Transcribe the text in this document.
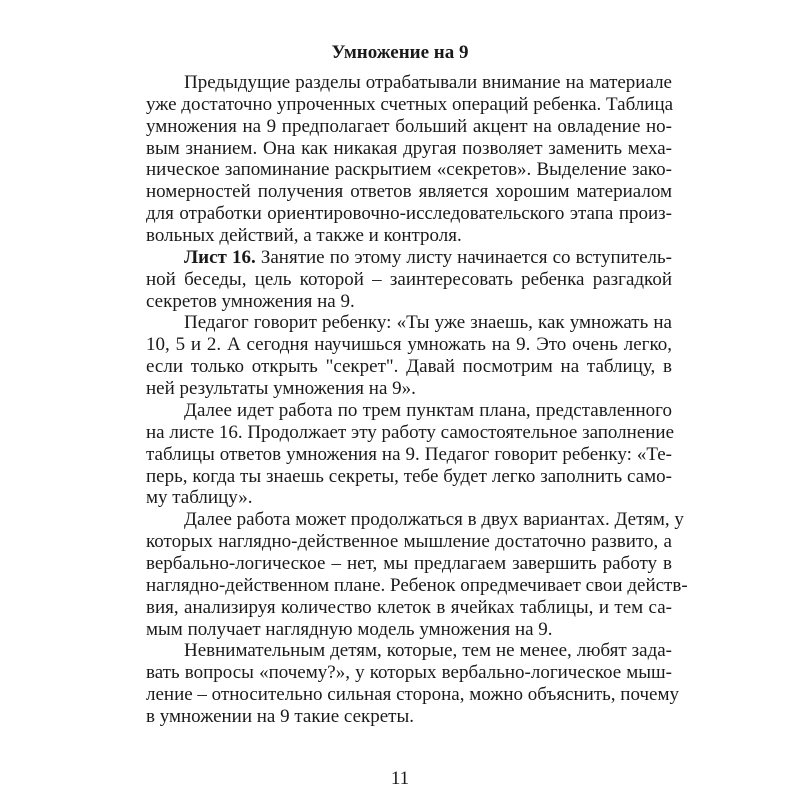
Умножение на 9
Предыдущие разделы отрабатывали внимание на материале
уже достаточно упроченных счетных операций ребенка. Таблица
умножения на 9 предполагает больший акцент на овладение но-
вым знанием. Она как никакая другая позволяет заменить меха-
ническое запоминание раскрытием «секретов». Выделение зако-
номерностей получения ответов является хорошим материалом
для отработки ориентировочно-исследовательского этапа произ-
вольных действий, а также и контроля.
Лист 16. Занятие по этому листу начинается со вступитель-
ной беседы, цель которой – заинтересовать ребенка разгадкой
секретов умножения на 9.
Педагог говорит ребенку: «Ты уже знаешь, как умножать на
10, 5 и 2. А сегодня научишься умножать на 9. Это очень легко,
если только открыть "секрет". Давай посмотрим на таблицу, в
ней результаты умножения на 9».
Далее идет работа по трем пунктам плана, представленного
на листе 16. Продолжает эту работу самостоятельное заполнение
таблицы ответов умножения на 9. Педагог говорит ребенку: «Те-
перь, когда ты знаешь секреты, тебе будет легко заполнить само-
му таблицу».
Далее работа может продолжаться в двух вариантах. Детям, у
которых наглядно-действенное мышление достаточно развито, а
вербально-логическое – нет, мы предлагаем завершить работу в
наглядно-действенном плане. Ребенок опредмечивает свои действ-
вия, анализируя количество клеток в ячейках таблицы, и тем са-
мым получает наглядную модель умножения на 9.
Невнимательным детям, которые, тем не менее, любят зада-
вать вопросы «почему?», у которых вербально-логическое мыш-
ление – относительно сильная сторона, можно объяснить, почему
в умножении на 9 такие секреты.
11
